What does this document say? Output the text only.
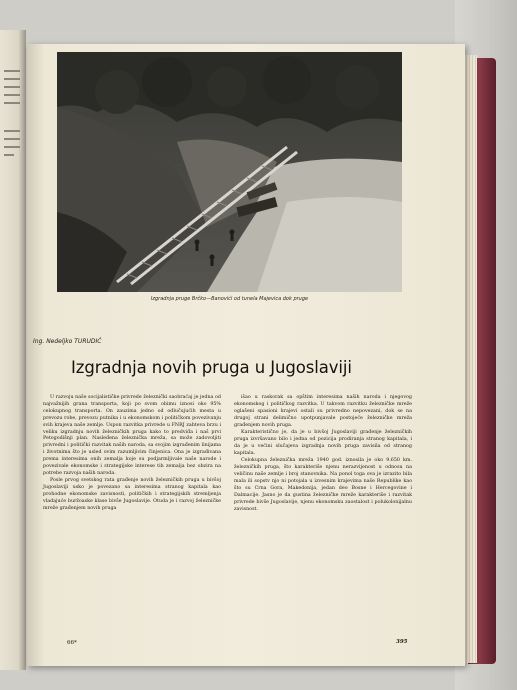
Izgradnja pruge Brčko—Banovići od tunela Majevica dok pruge
Ing. Nedeljko TURUDIĆ
Izgradnja novih pruga u Jugoslaviji

U razvoju naše socijalističke privrede železnički saobraćaj je jedna od najvažnijih grana transporta, koji po svom obimu iznosi oko 95% celokupnog transporta. On zauzima jedno od odlučujućih mesta u prevozu robe, prevozu putnika i u ekonomskom i političkom povezivanju svih krajeva naše zemlje. Uspon razvitka privrede u FNRJ zahteva brzu i veliku izgradnju novih železničkih pruga kako to predviđa i naš prvi Petogodišnji plan. Nasleđena železnička mreža, sa može zadovoljiti privredni i politički razvitak naših naroda, sa svojim izgrađenim linijama i životnima što je usled ovim razumljivim činjenica. Ona je izgrađivana prema interesima onih zemalja koje su podjarmljivale naše narode i povezivale ekonomske i strategijske interese tih zemalja bez obzira na potrebe razvoja naših naroda.

Posle prvog svetskog rata građenje novih železničkih pruga u bivšoj Jugoslaviji usko je povezano sa interesima stranog kapitala kao prohodne ekonomske zavisnosti, političkih i strategijskih stremljenja vladajuće buržoaske klase bivše Jugoslavije. Otuda je i razvoj železničke mreže građenjem novih pruga

išao u raskorak sa opštim interesima naših naroda i njegovog ekonomskog i političkog razvitka. U takvom razvitku železničke mreže oglašeni spasioni krajevi ostali su privredno nepovezani, dok se na drugoj strani delimično upotpunjavale postojeće železničke mreža građenjem novih pruga.

Karakteristično je, da je u bivšoj Jugoslaviji građenje železničkih pruga izvršavano bilo i jedna od pozicija prodiranja stranog kapitala, i da je u većini slučajeva izgradnja novih pruga zavisila od stranog kapitala.

Celokupna železnička mreža 1940 god. iznosila je oko 9.650 km. železničkih pruga, što karakteriše njenu nerazvijenost u odnosu na veličinu naše zemlje i broj stanovnika. Na ponol toga ova je izrazito bila mala ili sopstv njo ni potojala u izvesnim krajevima naše Republike kao što su Crna Gora, Makedonija, jedan deo Bosne i Hercegovine i Dalmacije. Jasno je da gustina železničke mreže karakteriše i razvitak privrede bivše Jugoslavije, njenu ekonomsku zaostalost i polukolonijalnu zavisnost.

66*	395
